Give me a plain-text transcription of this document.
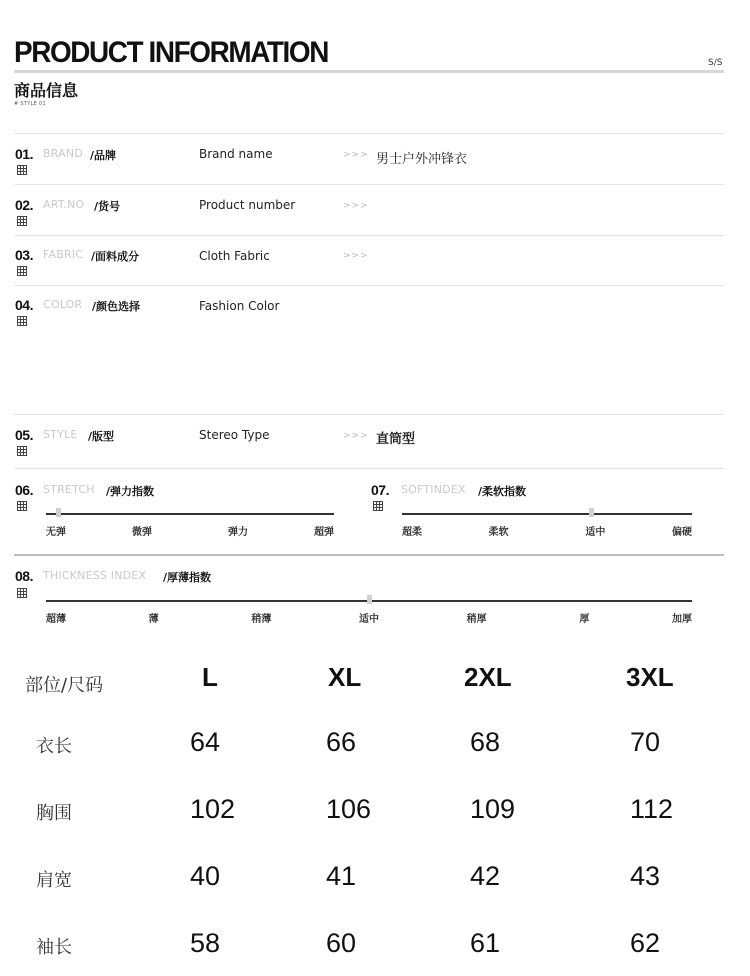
PRODUCT INFORMATION	S/S
商品信息
# STYLE 01
01. BRAND /品牌	Brand name	>>> 男士户外冲锋衣
02. ART.NO /货号	Product number	>>>
03. FABRIC /面料成分	Cloth Fabric	>>>
04. COLOR /颜色选择	Fashion Color
05. STYLE /版型	Stereo Type	>>> 直筒型
06. STRETCH /弹力指数
无弹	微弹	弹力	超弹
07. SOFTINDEX /柔软指数
超柔	柔软	适中	偏硬
08. THICKNESS INDEX /厚薄指数
超薄	薄	稍薄	适中	稍厚	厚	加厚
部位/尺码	L	XL	2XL	3XL
衣长	64	66	68	70
胸围	102	106	109	112
肩宽	40	41	42	43
袖长	58	60	61	62
